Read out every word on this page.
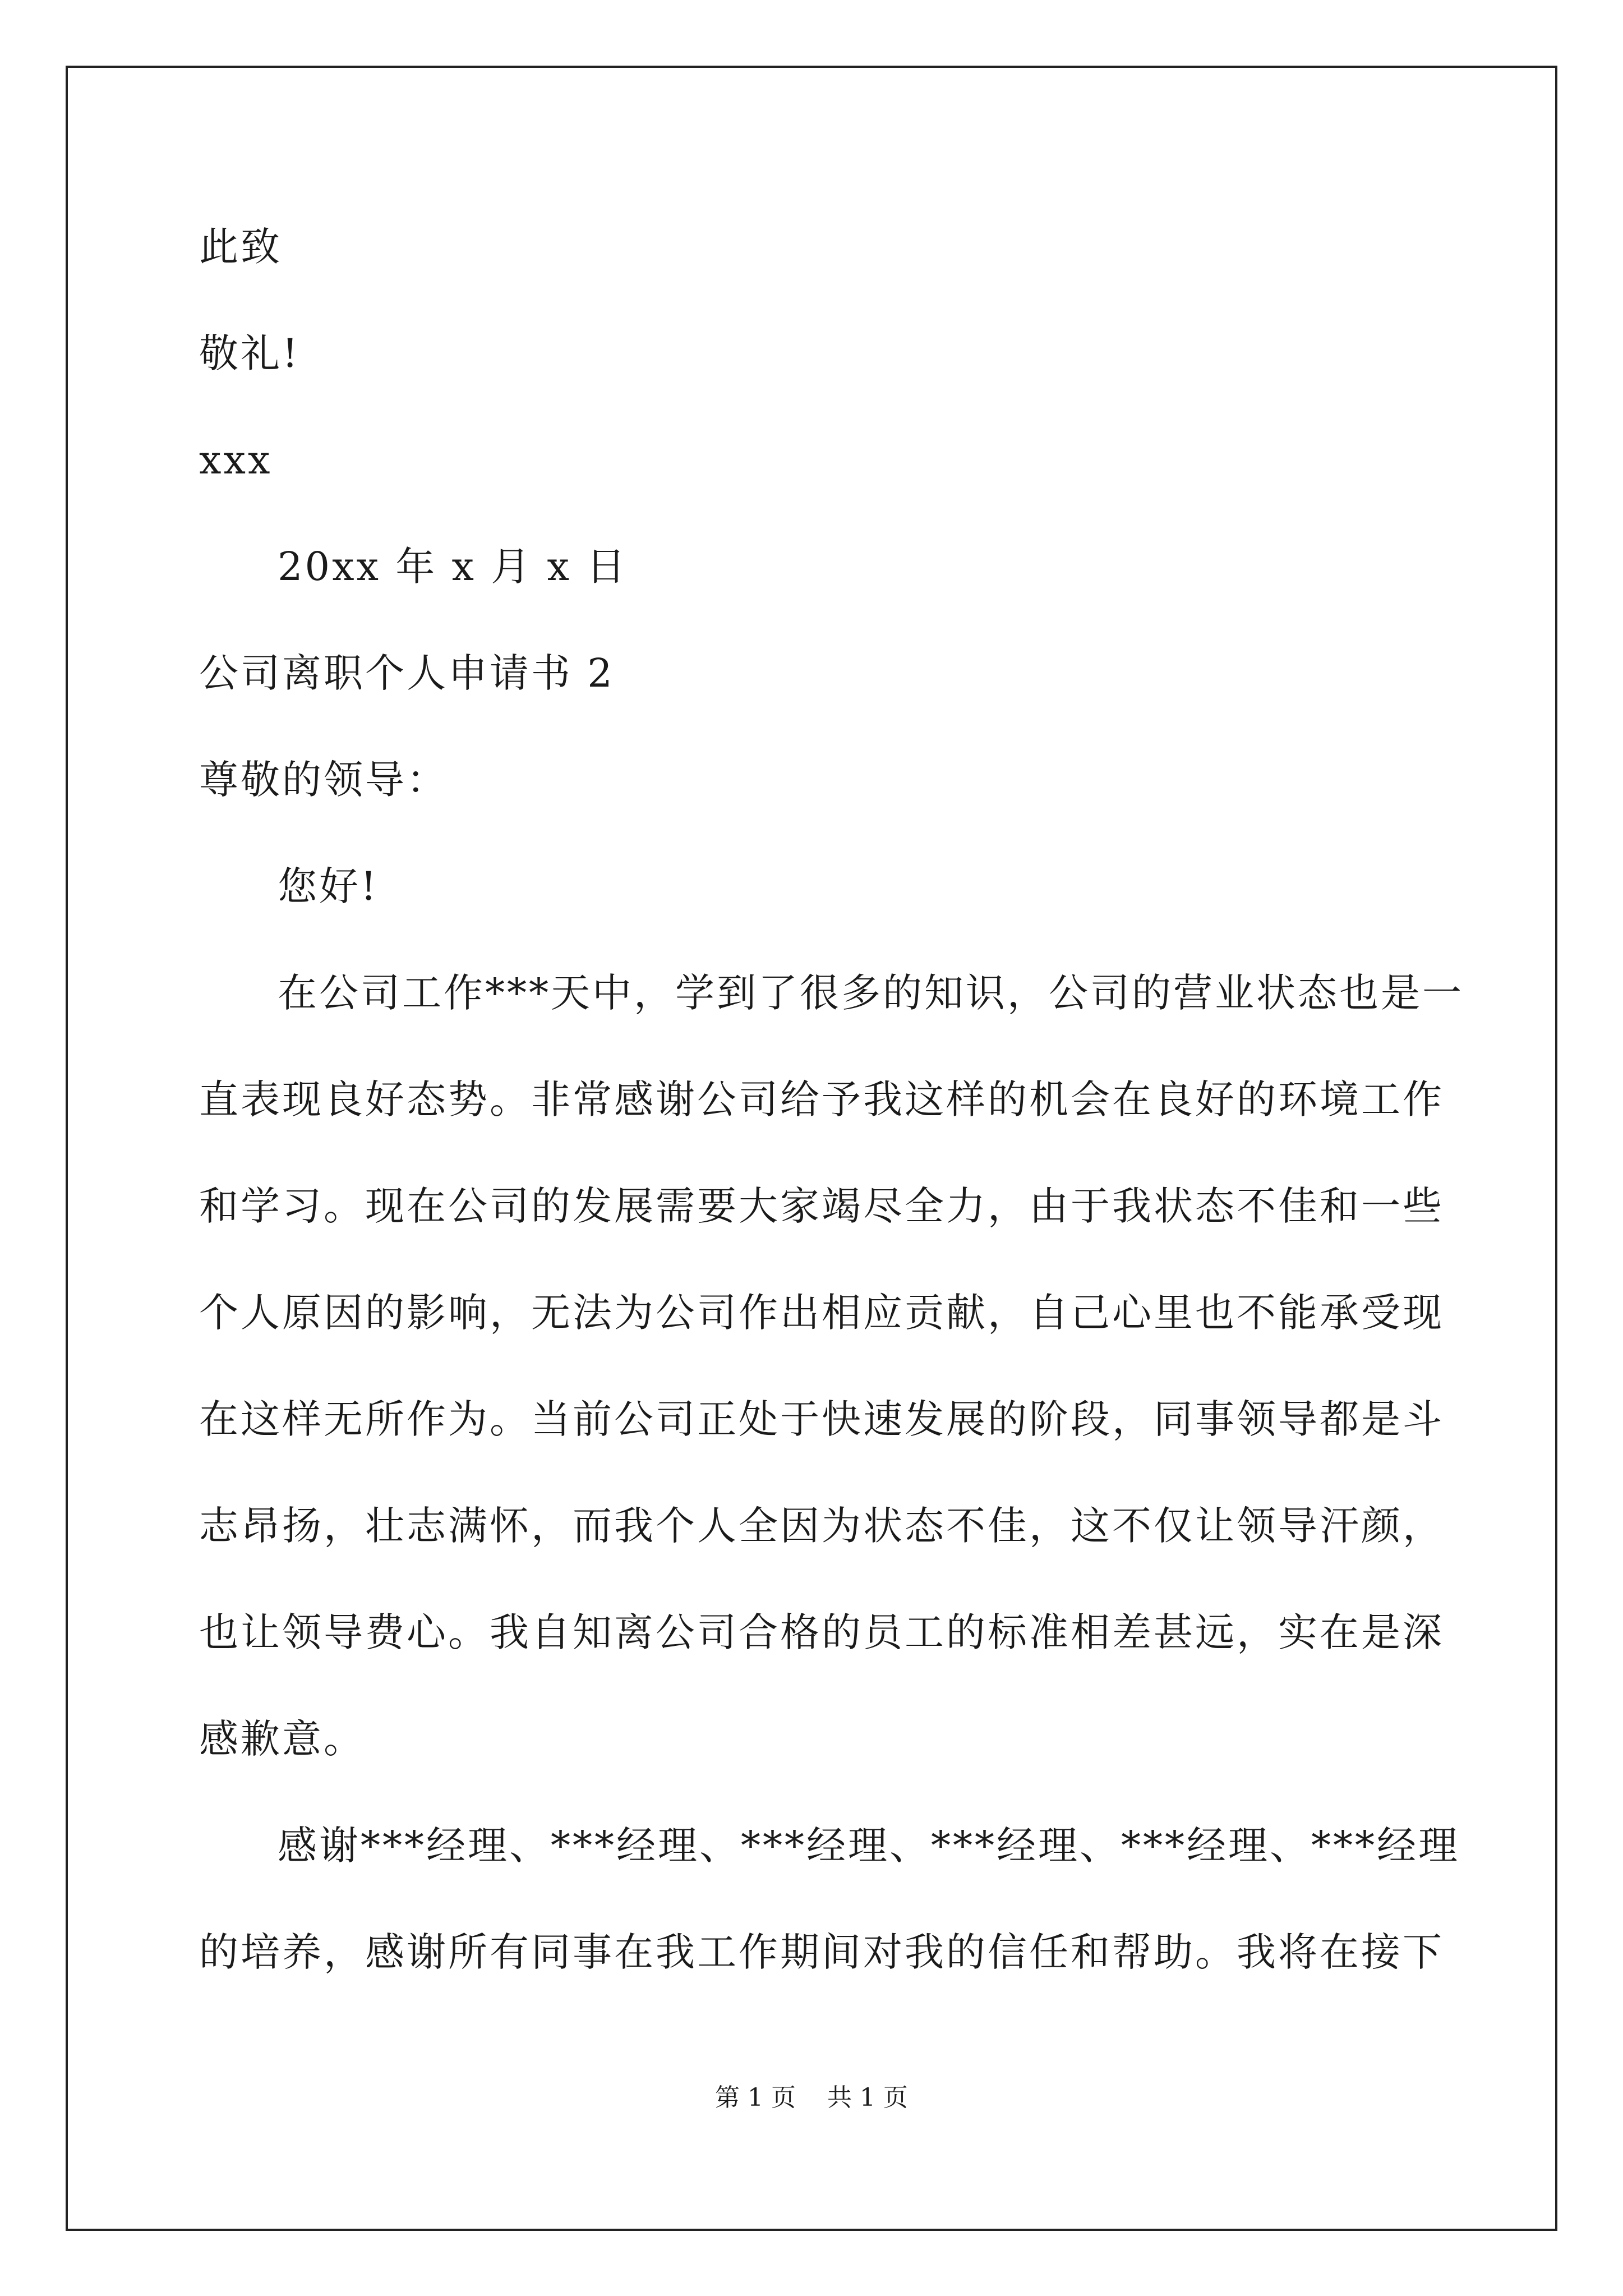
此致
敬礼!
xxx
20xx 年 x 月 x 日
公司离职个人申请书 2
尊敬的领导：
您好!
在公司工作***天中，学到了很多的知识，公司的营业状态也是一
直表现良好态势。非常感谢公司给予我这样的机会在良好的环境工作
和学习。现在公司的发展需要大家竭尽全力，由于我状态不佳和一些
个人原因的影响，无法为公司作出相应贡献，自己心里也不能承受现
在这样无所作为。当前公司正处于快速发展的阶段，同事领导都是斗
志昂扬，壮志满怀，而我个人全因为状态不佳，这不仅让领导汗颜，
也让领导费心。我自知离公司合格的员工的标准相差甚远，实在是深
感歉意。
感谢***经理、***经理、***经理、***经理、***经理、***经理
的培养，感谢所有同事在我工作期间对我的信任和帮助。我将在接下
第 1 页    共 1 页
